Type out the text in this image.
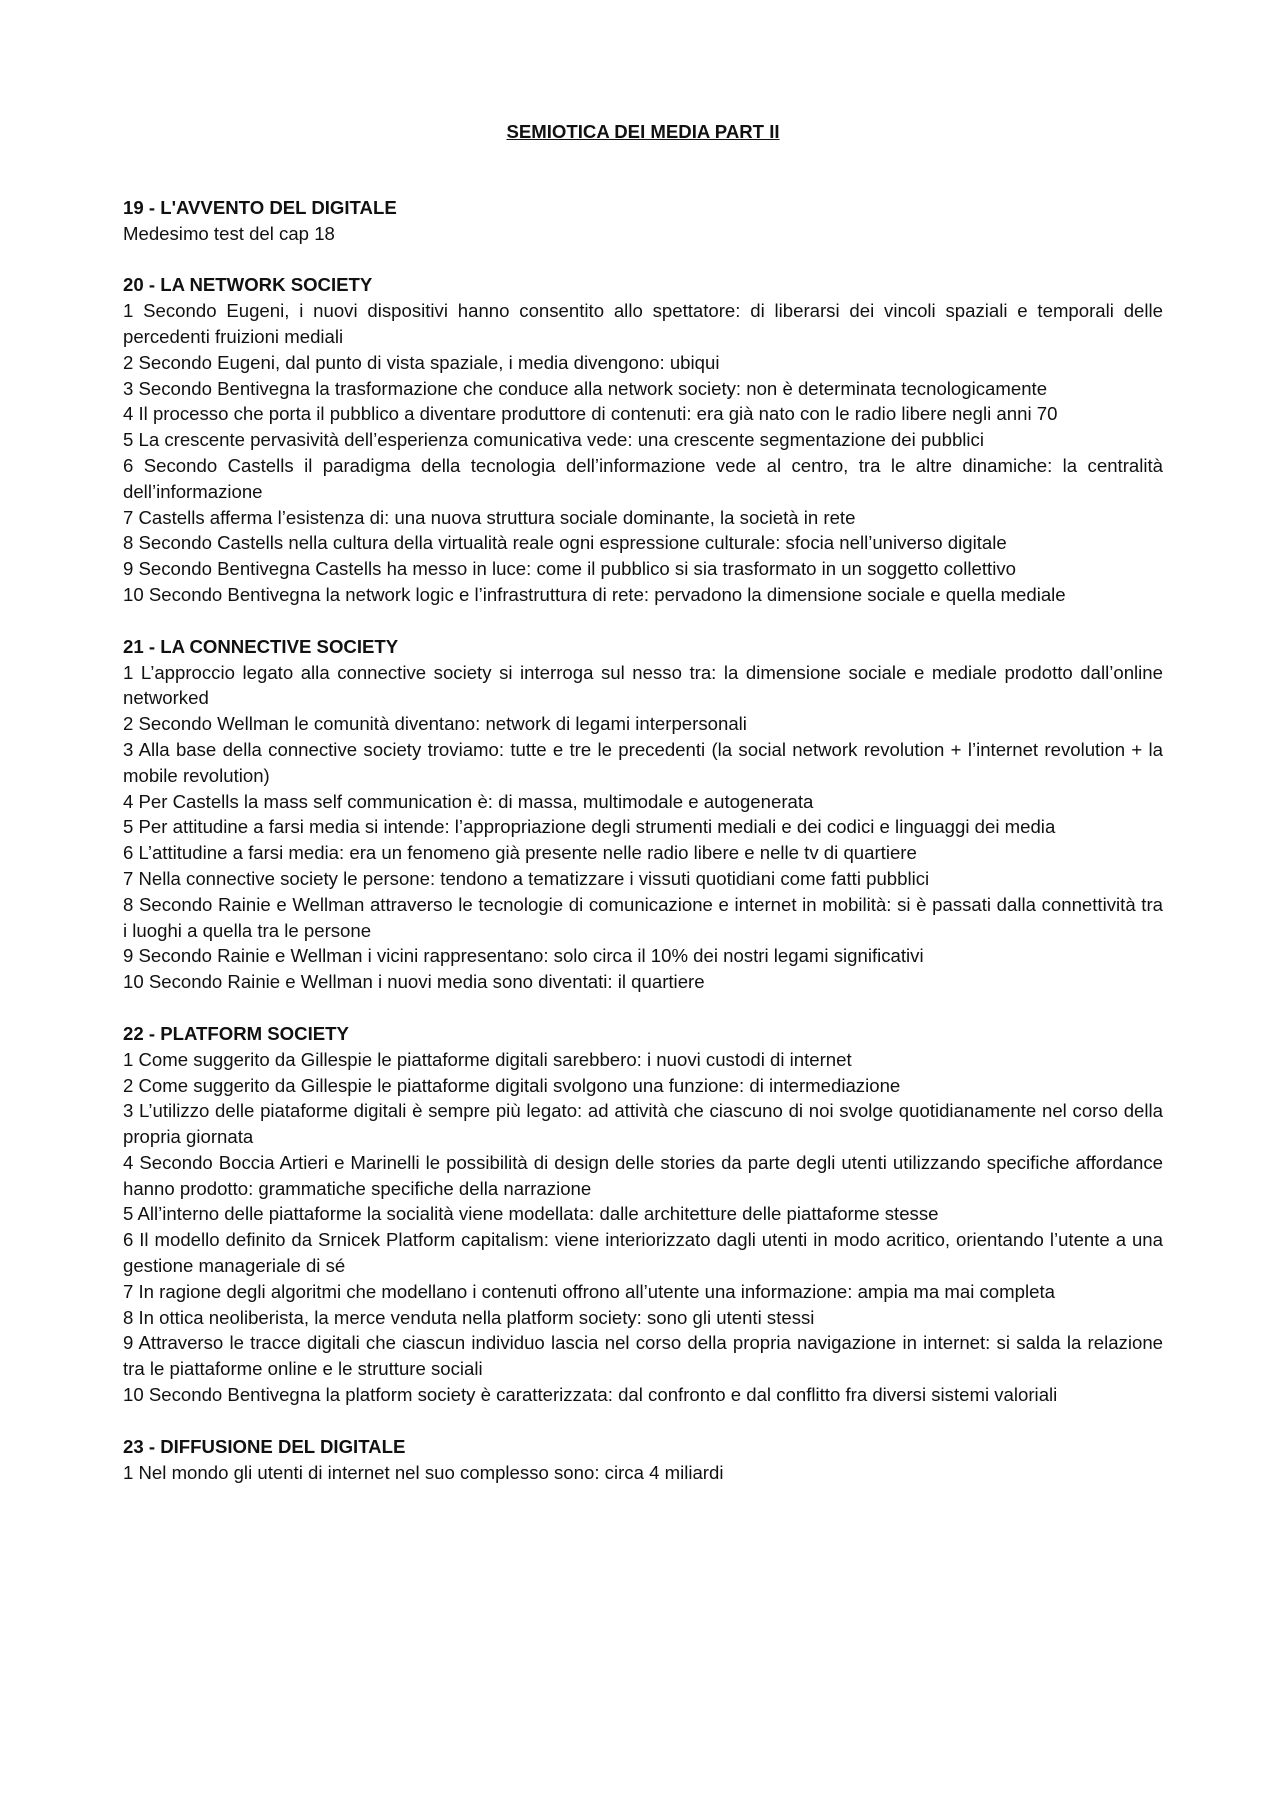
SEMIOTICA DEI MEDIA PART II

19 - L'AVVENTO DEL DIGITALE

Medesimo test del cap 18

20 - LA NETWORK SOCIETY

1 Secondo Eugeni, i nuovi dispositivi hanno consentito allo spettatore: di liberarsi dei vincoli spaziali e temporali delle percedenti fruizioni mediali

2 Secondo Eugeni, dal punto di vista spaziale, i media divengono: ubiqui

3 Secondo Bentivegna la trasformazione che conduce alla network society: non è determinata tecnologicamente

4 Il processo che porta il pubblico a diventare produttore di contenuti: era già nato con le radio libere negli anni 70

5 La crescente pervasività dell’esperienza comunicativa vede: una crescente segmentazione dei pubblici

6 Secondo Castells il paradigma della tecnologia dell’informazione vede al centro, tra le altre dinamiche: la centralità dell’informazione

7 Castells afferma l’esistenza di: una nuova struttura sociale dominante, la società in rete

8 Secondo Castells nella cultura della virtualità reale ogni espressione culturale: sfocia nell’universo digitale

9 Secondo Bentivegna Castells ha messo in luce: come il pubblico si sia trasformato in un soggetto collettivo

10 Secondo Bentivegna la network logic e l’infrastruttura di rete: pervadono la dimensione sociale e quella mediale

21 - LA CONNECTIVE SOCIETY

1 L’approccio legato alla connective society si interroga sul nesso tra: la dimensione sociale e mediale prodotto dall’online networked

2 Secondo Wellman le comunità diventano: network di legami interpersonali

3 Alla base della connective society troviamo: tutte e tre le precedenti (la social network revolution + l’internet revolution + la mobile revolution)

4 Per Castells la mass self communication è: di massa, multimodale e autogenerata

5 Per attitudine a farsi media si intende: l’appropriazione degli strumenti mediali e dei codici e linguaggi dei media

6 L’attitudine a farsi media: era un fenomeno già presente nelle radio libere e nelle tv di quartiere

7 Nella connective society le persone: tendono a tematizzare i vissuti quotidiani come fatti pubblici

8 Secondo Rainie e Wellman attraverso le tecnologie di comunicazione e internet in mobilità: si è passati dalla connettività tra i luoghi a quella tra le persone

9 Secondo Rainie e Wellman i vicini rappresentano: solo circa il 10% dei nostri legami significativi

10 Secondo Rainie e Wellman i nuovi media sono diventati: il quartiere

22 - PLATFORM SOCIETY

1 Come suggerito da Gillespie le piattaforme digitali sarebbero: i nuovi custodi di internet

2 Come suggerito da Gillespie le piattaforme digitali svolgono una funzione: di intermediazione

3 L’utilizzo delle piataforme digitali è sempre più legato: ad attività che ciascuno di noi svolge quotidianamente nel corso della propria giornata

4 Secondo Boccia Artieri e Marinelli le possibilità di design delle stories da parte degli utenti utilizzando specifiche affordance hanno prodotto: grammatiche specifiche della narrazione

5 All’interno delle piattaforme la socialità viene modellata: dalle architetture delle piattaforme stesse

6 Il modello definito da Srnicek Platform capitalism: viene interiorizzato dagli utenti in modo acritico, orientando l’utente a una gestione manageriale di sé

7 In ragione degli algoritmi che modellano i contenuti offrono all’utente una informazione: ampia ma mai completa

8 In ottica neoliberista, la merce venduta nella platform society: sono gli utenti stessi

9 Attraverso le tracce digitali che ciascun individuo lascia nel corso della propria navigazione in internet: si salda la relazione tra le piattaforme online e le strutture sociali

10 Secondo Bentivegna la platform society è caratterizzata: dal confronto e dal conflitto fra diversi sistemi valoriali

23 - DIFFUSIONE DEL DIGITALE

1 Nel mondo gli utenti di internet nel suo complesso sono: circa 4 miliardi
